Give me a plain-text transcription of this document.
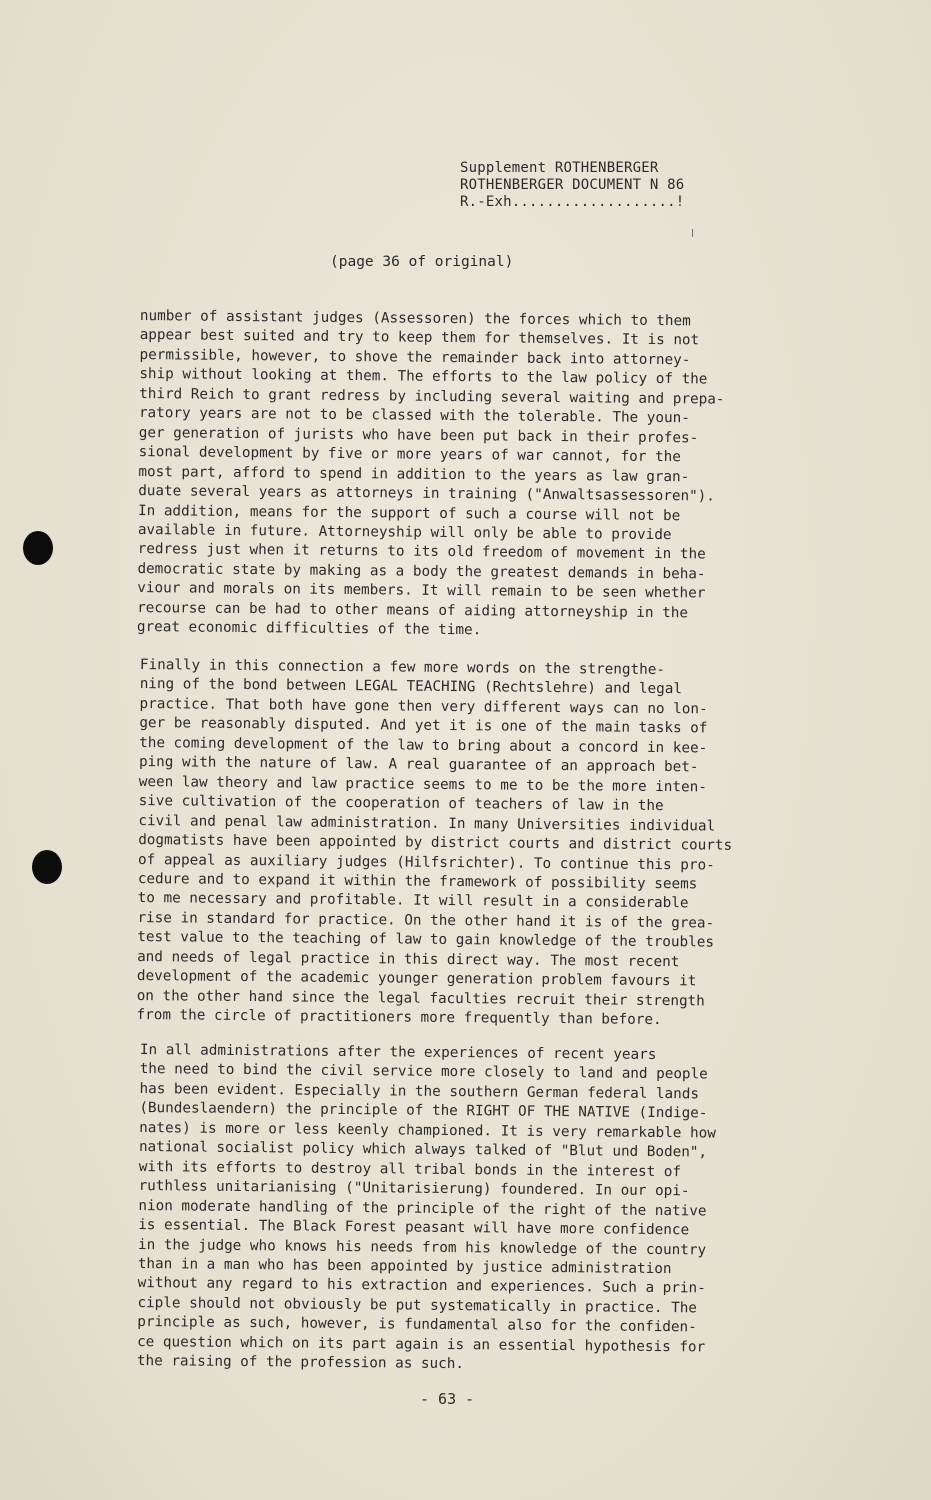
Supplement ROTHENBERGER
ROTHENBERGER DOCUMENT N 86
R.-Exh...................!
(page 36 of original)

number of assistant judges (Assessoren) the forces which to them
appear best suited and try to keep them for themselves. It is not
permissible, however, to shove the remainder back into attorney-
ship without looking at them. The efforts to the law policy of the
third Reich to grant redress by including several waiting and prepa-
ratory years are not to be classed with the tolerable. The youn-
ger generation of jurists who have been put back in their profes-
sional development by five or more years of war cannot, for the
most part, afford to spend in addition to the years as law gran-
duate several years as attorneys in training ("Anwaltsassessoren").
In addition, means for the support of such a course will not be
available in future. Attorneyship will only be able to provide
redress just when it returns to its old freedom of movement in the
democratic state by making as a body the greatest demands in beha-
viour and morals on its members. It will remain to be seen whether
recourse can be had to other means of aiding attorneyship in the
great economic difficulties of the time.

Finally in this connection a few more words on the strengthe-
ning of the bond between LEGAL TEACHING (Rechtslehre) and legal
practice. That both have gone then very different ways can no lon-
ger be reasonably disputed. And yet it is one of the main tasks of
the coming development of the law to bring about a concord in kee-
ping with the nature of law. A real guarantee of an approach bet-
ween law theory and law practice seems to me to be the more inten-
sive cultivation of the cooperation of teachers of law in the
civil and penal law administration. In many Universities individual
dogmatists have been appointed by district courts and district courts
of appeal as auxiliary judges (Hilfsrichter). To continue this pro-
cedure and to expand it within the framework of possibility seems
to me necessary and profitable. It will result in a considerable
rise in standard for practice. On the other hand it is of the grea-
test value to the teaching of law to gain knowledge of the troubles
and needs of legal practice in this direct way. The most recent
development of the academic younger generation problem favours it
on the other hand since the legal faculties recruit their strength
from the circle of practitioners more frequently than before.

In all administrations after the experiences of recent years
the need to bind the civil service more closely to land and people
has been evident. Especially in the southern German federal lands
(Bundeslaendern) the principle of the RIGHT OF THE NATIVE (Indige-
nates) is more or less keenly championed. It is very remarkable how
national socialist policy which always talked of "Blut und Boden",
with its efforts to destroy all tribal bonds in the interest of
ruthless unitarianising ("Unitarisierung) foundered. In our opi-
nion moderate handling of the principle of the right of the native
is essential. The Black Forest peasant will have more confidence
in the judge who knows his needs from his knowledge of the country
than in a man who has been appointed by justice administration
without any regard to his extraction and experiences. Such a prin-
ciple should not obviously be put systematically in practice. The
principle as such, however, is fundamental also for the confiden-
ce question which on its part again is an essential hypothesis for
the raising of the profession as such.

- 63 -
